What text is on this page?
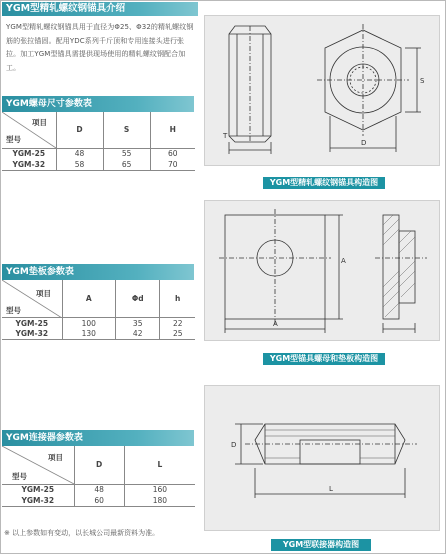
YGM型精轧螺纹钢锚具介绍
YGM型精轧螺纹钢锚具用于直径为Φ25、Φ32的精轧螺纹钢筋的张拉锚固。配用YDC系列千斤顶和专用连接头进行张拉。加工YGM型锚具需提供现场使用的精轧螺纹钢配合加工。
YGM螺母尺寸参数表
项目
型号	D	S	H
YGM-25	48	55	60
YGM-32	58	65	70
YGM垫板参数表
项目
型号	A	Φd	h
YGM-25	100	35	22
YGM-32	130	42	25
YGM连接器参数表
项目
型号	D	L
YGM-25	48	160
YGM-32	60	180
※ 以上参数如有变动，以长城公司最新资料为准。
T
D
S
YGM型精轧螺纹钢锚具构造图
A
A
YGM型锚具螺母和垫板构造图
D
L
YGM型联接器构造图
